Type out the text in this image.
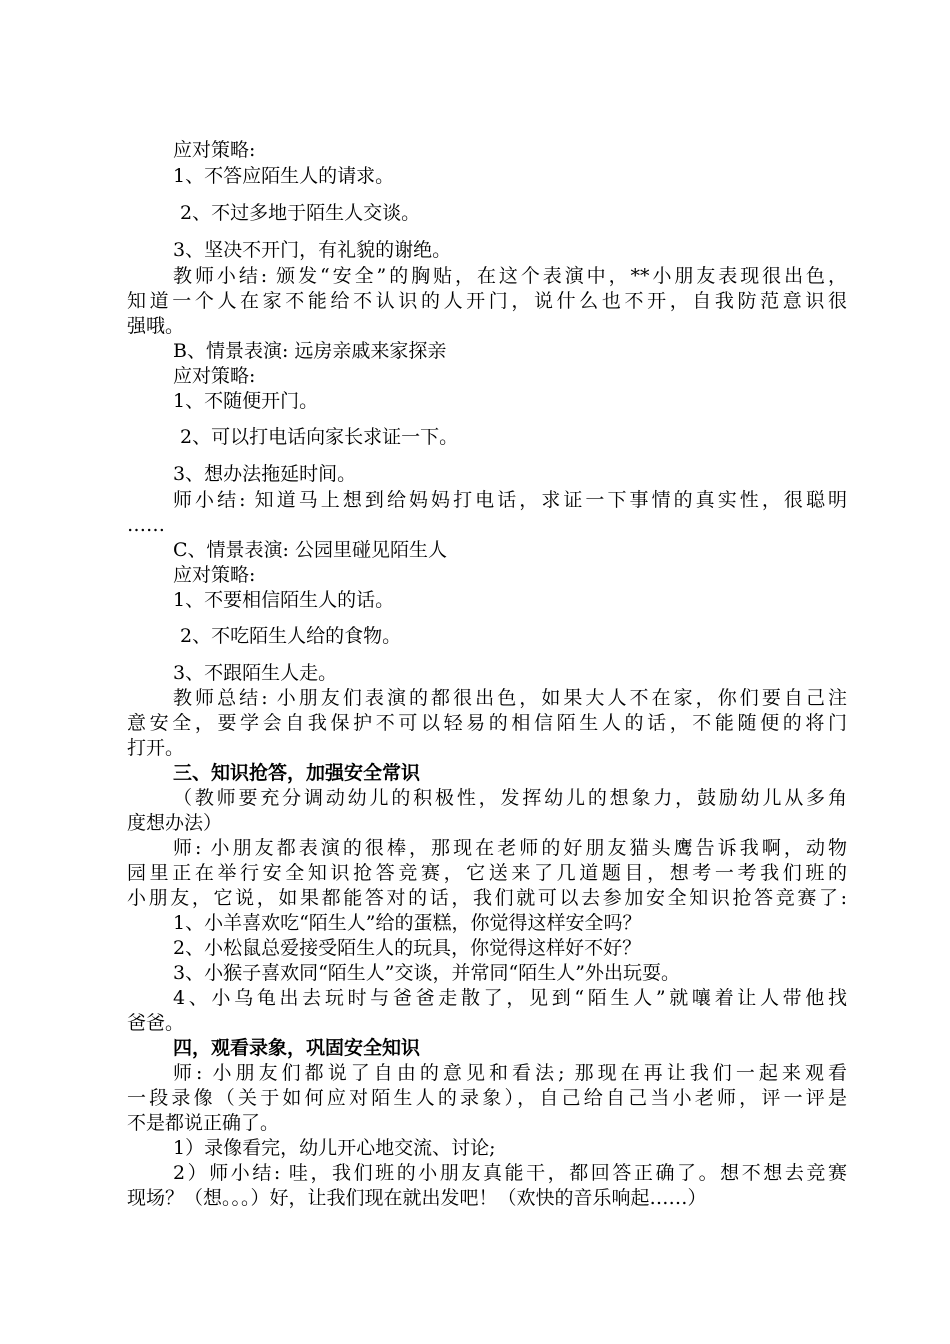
应对策略:
1、不答应陌生人的请求。
2、不过多地于陌生人交谈。
3、坚决不开门，有礼貌的谢绝。
教师小结: 颁发“安全”的胸贴，在这个表演中，**小朋友表现很出色，
知道一个人在家不能给不认识的人开门，说什么也不开，自我防范意识很
强哦。
B、情景表演: 远房亲戚来家探亲
应对策略:
1、不随便开门。
2、可以打电话向家长求证一下。
3、想办法拖延时间。
师小结: 知道马上想到给妈妈打电话，求证一下事情的真实性，很聪明
……
C、情景表演: 公园里碰见陌生人
应对策略:
1、不要相信陌生人的话。
2、不吃陌生人给的食物。
3、不跟陌生人走。
教师总结: 小朋友们表演的都很出色，如果大人不在家，你们要自己注
意安全，要学会自我保护不可以轻易的相信陌生人的话，不能随便的将门
打开。
三、知识抢答，加强安全常识
（教师要充分调动幼儿的积极性，发挥幼儿的想象力，鼓励幼儿从多角
度想办法）
师: 小朋友都表演的很棒，那现在老师的好朋友猫头鹰告诉我啊，动物
园里正在举行安全知识抢答竞赛，它送来了几道题目，想考一考我们班的
小朋友，它说，如果都能答对的话，我们就可以去参加安全知识抢答竞赛了:
1、小羊喜欢吃“陌生人”给的蛋糕，你觉得这样安全吗？
2、小松鼠总爱接受陌生人的玩具，你觉得这样好不好？
3、小猴子喜欢同“陌生人”交谈，并常同“陌生人”外出玩耍。
4、小乌龟出去玩时与爸爸走散了，见到“陌生人”就嚷着让人带他找
爸爸。
四，观看录象，巩固安全知识
师: 小朋友们都说了自由的意见和看法; 那现在再让我们一起来观看
一段录像（关于如何应对陌生人的录象），自己给自己当小老师，评一评是
不是都说正确了。
1）录像看完，幼儿开心地交流、讨论;
2）师小结: 哇，我们班的小朋友真能干，都回答正确了。想不想去竞赛
现场？（想。。。）好，让我们现在就出发吧！（欢快的音乐响起……）
